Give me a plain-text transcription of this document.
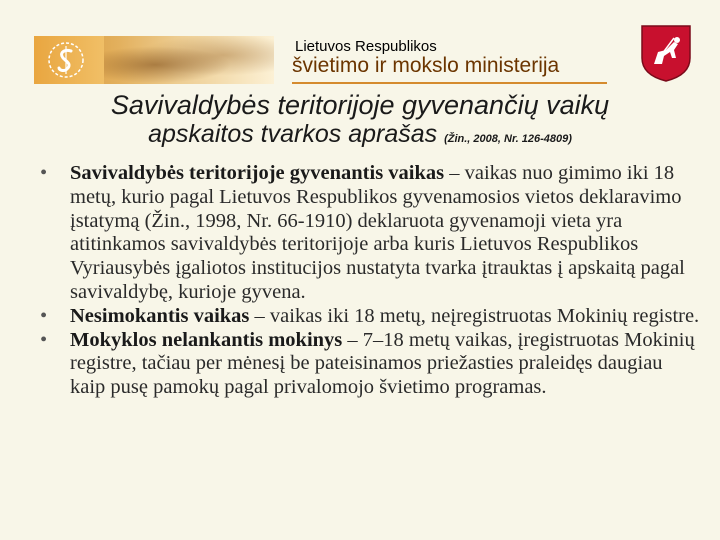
Lietuvos Respublikos
švietimo ir mokslo ministerija
Savivaldybės teritorijoje gyvenančių vaikų
apskaitos tvarkos aprašas (Žin., 2008, Nr. 126-4809)
• Savivaldybės teritorijoje gyvenantis vaikas – vaikas nuo gimimo iki 18 metų, kurio pagal Lietuvos Respublikos gyvenamosios vietos deklaravimo įstatymą (Žin., 1998, Nr. 66-1910) deklaruota gyvenamoji vieta yra atitinkamos savivaldybės teritorijoje arba kuris Lietuvos Respublikos Vyriausybės įgaliotos institucijos nustatyta tvarka įtrauktas į apskaitą pagal savivaldybę, kurioje gyvena.
• Nesimokantis vaikas – vaikas iki 18 metų, neįregistruotas Mokinių registre.
• Mokyklos nelankantis mokinys – 7–18 metų vaikas, įregistruotas Mokinių registre, tačiau per mėnesį be pateisinamos priežasties praleidęs daugiau kaip pusę pamokų pagal privalomojo švietimo programas.
